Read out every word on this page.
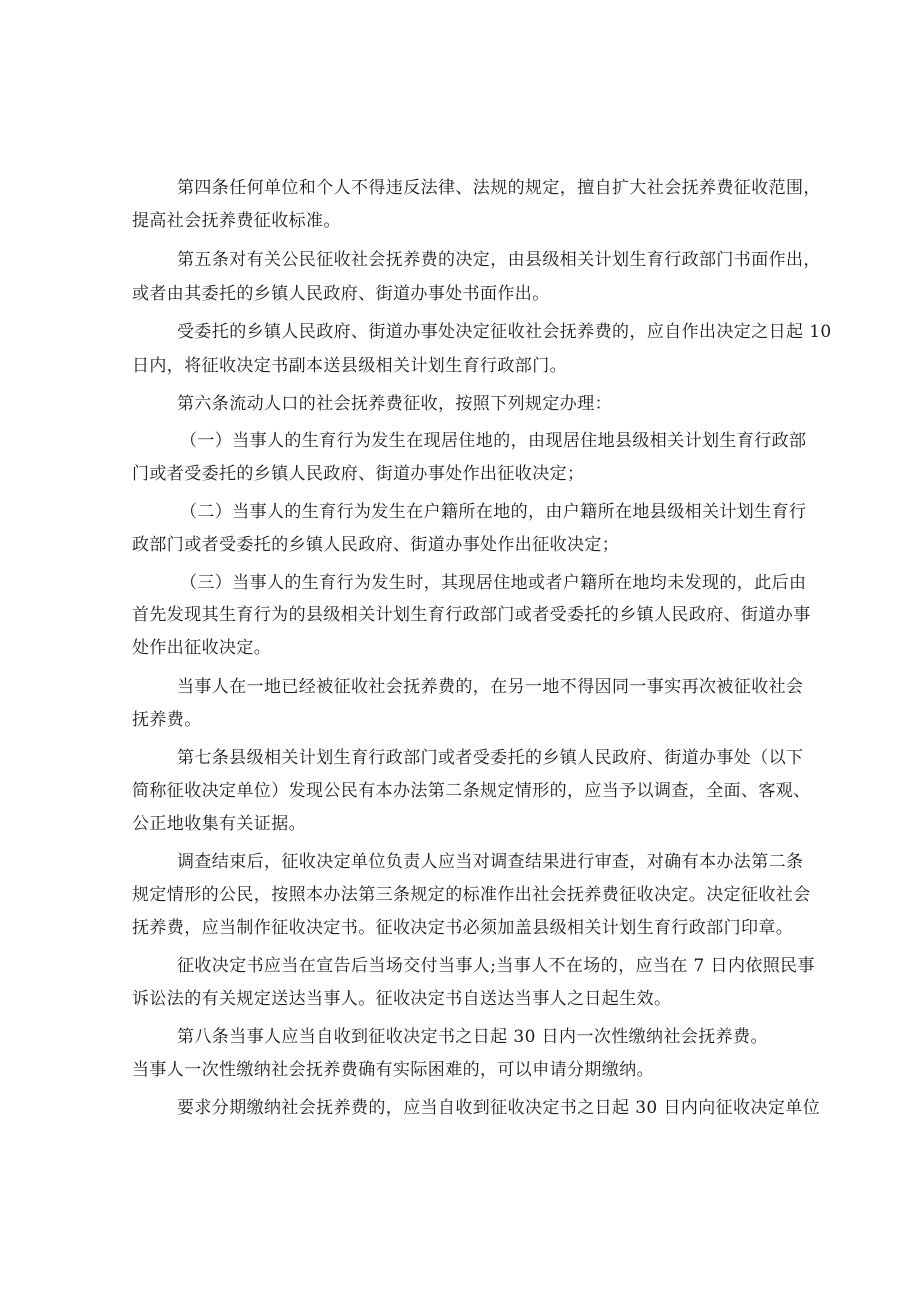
第四条任何单位和个人不得违反法律、法规的规定，擅自扩大社会抚养费征收范围，
提高社会抚养费征收标准。
第五条对有关公民征收社会抚养费的决定，由县级相关计划生育行政部门书面作出，
或者由其委托的乡镇人民政府、街道办事处书面作出。
受委托的乡镇人民政府、街道办事处决定征收社会抚养费的，应自作出决定之日起 10
日内，将征收决定书副本送县级相关计划生育行政部门。
第六条流动人口的社会抚养费征收，按照下列规定办理：
（一）当事人的生育行为发生在现居住地的，由现居住地县级相关计划生育行政部
门或者受委托的乡镇人民政府、街道办事处作出征收决定；
（二）当事人的生育行为发生在户籍所在地的，由户籍所在地县级相关计划生育行
政部门或者受委托的乡镇人民政府、街道办事处作出征收决定；
（三）当事人的生育行为发生时，其现居住地或者户籍所在地均未发现的，此后由
首先发现其生育行为的县级相关计划生育行政部门或者受委托的乡镇人民政府、街道办事
处作出征收决定。
当事人在一地已经被征收社会抚养费的，在另一地不得因同一事实再次被征收社会
抚养费。
第七条县级相关计划生育行政部门或者受委托的乡镇人民政府、街道办事处（以下
简称征收决定单位）发现公民有本办法第二条规定情形的，应当予以调查，全面、客观、
公正地收集有关证据。
调查结束后，征收决定单位负责人应当对调查结果进行审查，对确有本办法第二条
规定情形的公民，按照本办法第三条规定的标准作出社会抚养费征收决定。决定征收社会
抚养费，应当制作征收决定书。征收决定书必须加盖县级相关计划生育行政部门印章。
征收决定书应当在宣告后当场交付当事人;当事人不在场的，应当在 7 日内依照民事
诉讼法的有关规定送达当事人。征收决定书自送达当事人之日起生效。
第八条当事人应当自收到征收决定书之日起 30 日内一次性缴纳社会抚养费。
当事人一次性缴纳社会抚养费确有实际困难的，可以申请分期缴纳。
要求分期缴纳社会抚养费的，应当自收到征收决定书之日起 30 日内向征收决定单位
